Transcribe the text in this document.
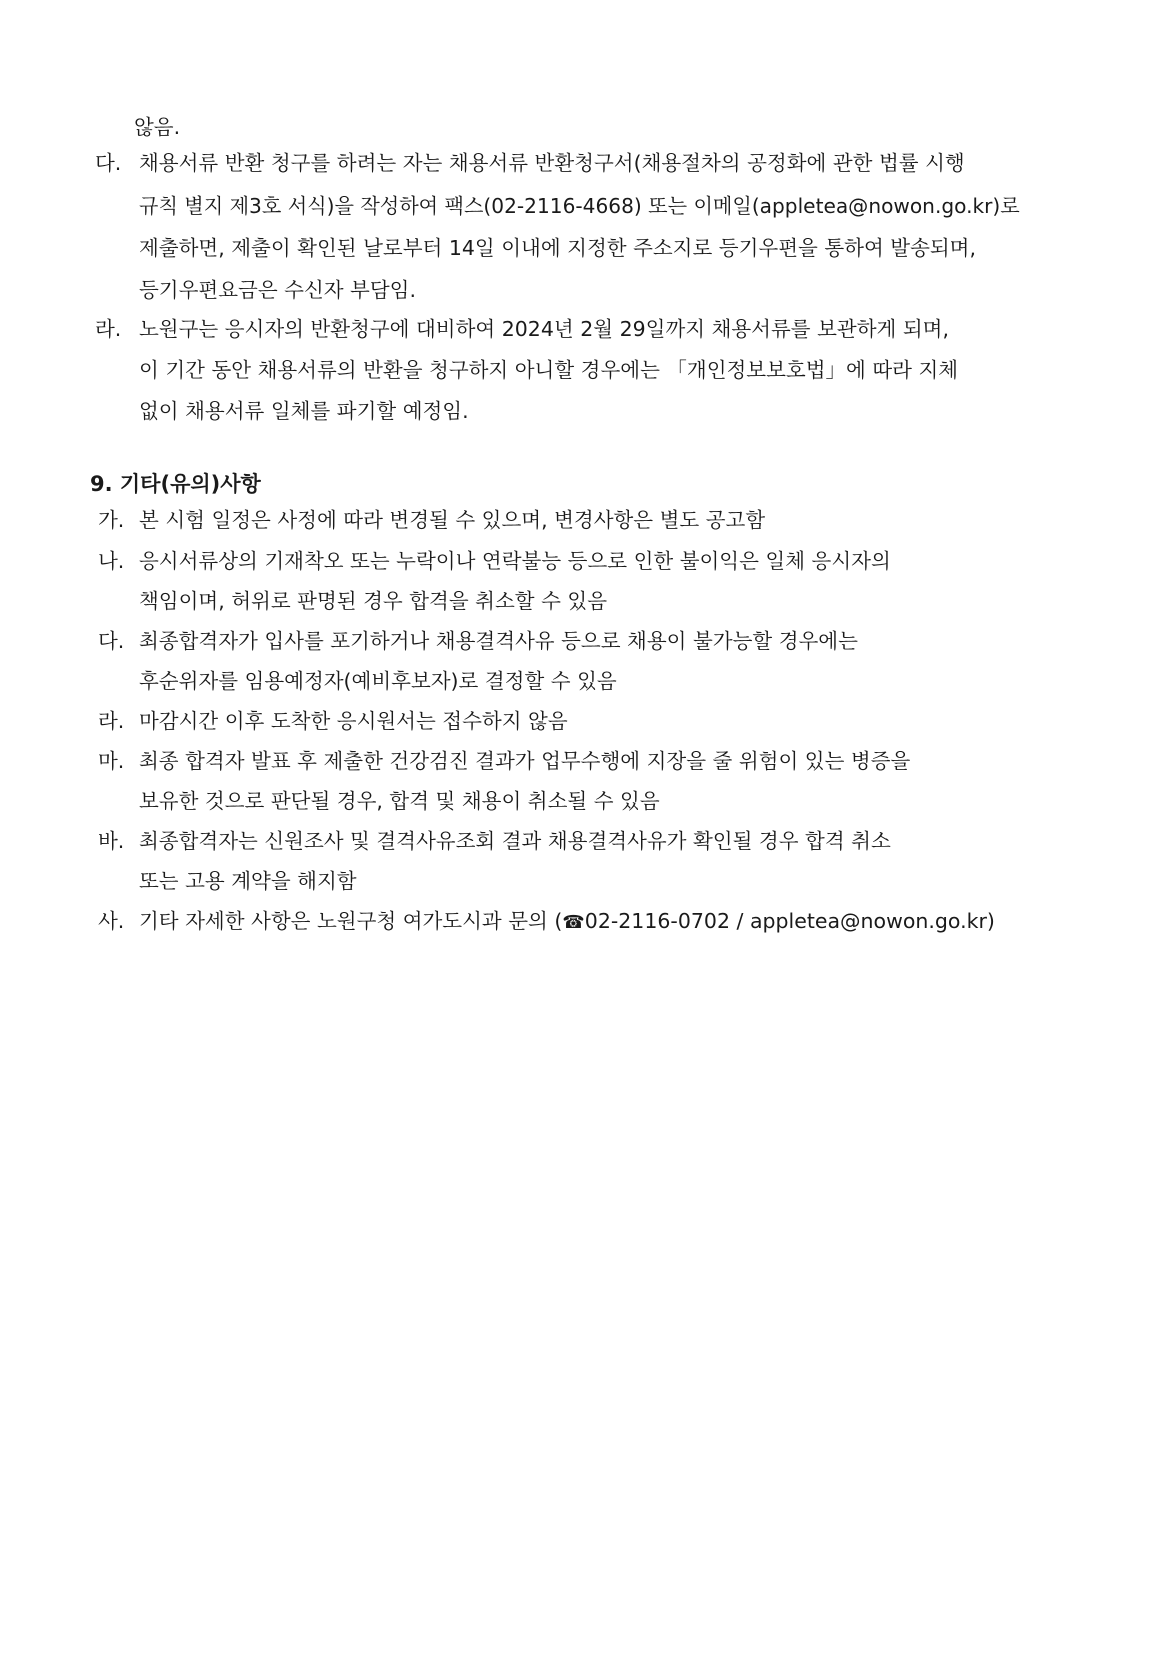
않음.
다. 채용서류 반환 청구를 하려는 자는 채용서류 반환청구서(채용절차의 공정화에 관한 법률 시행
규칙 별지 제3호 서식)을 작성하여 팩스(02-2116-4668) 또는 이메일(appletea@nowon.go.kr)로
제출하면, 제출이 확인된 날로부터 14일 이내에 지정한 주소지로 등기우편을 통하여 발송되며,
등기우편요금은 수신자 부담임.
라. 노원구는 응시자의 반환청구에 대비하여 2024년 2월 29일까지 채용서류를 보관하게 되며,
이 기간 동안 채용서류의 반환을 청구하지 아니할 경우에는 「개인정보보호법」에 따라 지체
없이 채용서류 일체를 파기할 예정임.
9. 기타(유의)사항
가. 본 시험 일정은 사정에 따라 변경될 수 있으며, 변경사항은 별도 공고함
나. 응시서류상의 기재착오 또는 누락이나 연락불능 등으로 인한 불이익은 일체 응시자의
책임이며, 허위로 판명된 경우 합격을 취소할 수 있음
다. 최종합격자가 입사를 포기하거나 채용결격사유 등으로 채용이 불가능할 경우에는
후순위자를 임용예정자(예비후보자)로 결정할 수 있음
라. 마감시간 이후 도착한 응시원서는 접수하지 않음
마. 최종 합격자 발표 후 제출한 건강검진 결과가 업무수행에 지장을 줄 위험이 있는 병증을
보유한 것으로 판단될 경우, 합격 및 채용이 취소될 수 있음
바. 최종합격자는 신원조사 및 결격사유조회 결과 채용결격사유가 확인될 경우 합격 취소
또는 고용 계약을 해지함
사. 기타 자세한 사항은 노원구청 여가도시과 문의 (☎02-2116-0702 / appletea@nowon.go.kr)
